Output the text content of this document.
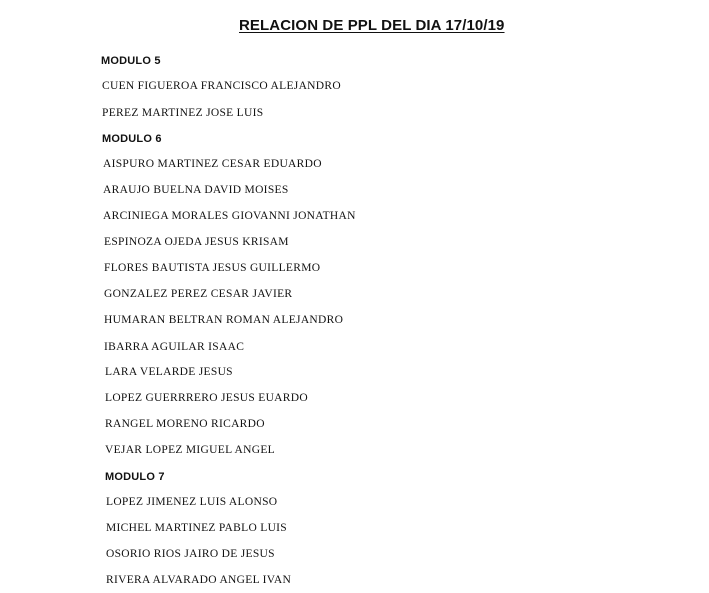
RELACION DE PPL DEL DIA 17/10/19
MODULO 5
CUEN FIGUEROA FRANCISCO ALEJANDRO
PEREZ MARTINEZ JOSE LUIS
MODULO 6
AISPURO MARTINEZ CESAR EDUARDO
ARAUJO BUELNA DAVID MOISES
ARCINIEGA MORALES GIOVANNI JONATHAN
ESPINOZA OJEDA JESUS KRISAM
FLORES BAUTISTA JESUS GUILLERMO
GONZALEZ PEREZ CESAR JAVIER
HUMARAN BELTRAN ROMAN ALEJANDRO
IBARRA AGUILAR ISAAC
LARA VELARDE JESUS
LOPEZ GUERRRERO JESUS EUARDO
RANGEL MORENO RICARDO
VEJAR LOPEZ MIGUEL ANGEL
MODULO 7
LOPEZ JIMENEZ LUIS ALONSO
MICHEL MARTINEZ PABLO LUIS
OSORIO RIOS JAIRO DE JESUS
RIVERA ALVARADO ANGEL IVAN
